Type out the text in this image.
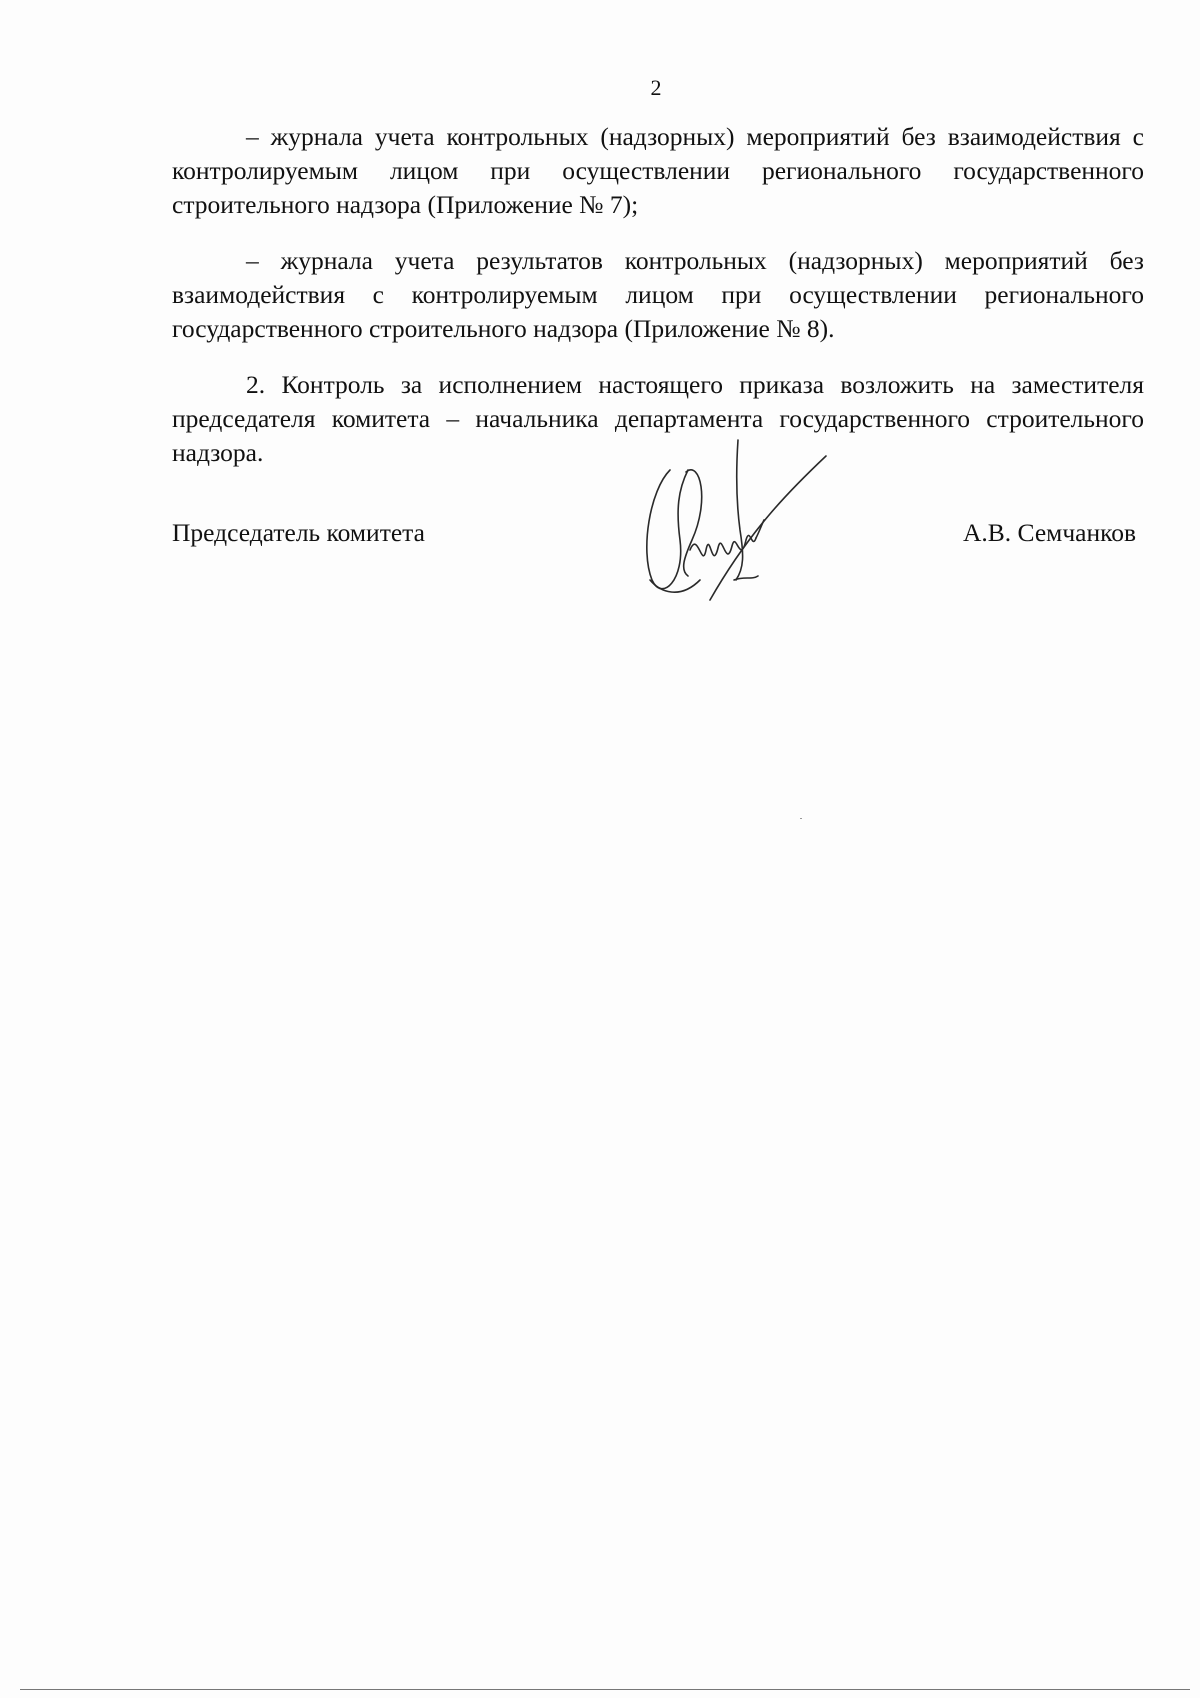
2

– журнала учета контрольных (надзорных) мероприятий без взаимодействия с контролируемым лицом при осуществлении регионального государственного строительного надзора (Приложение № 7);

– журнала учета результатов контрольных (надзорных) мероприятий без взаимодействия с контролируемым лицом при осуществлении регионального государственного строительного надзора (Приложение № 8).

2. Контроль за исполнением настоящего приказа возложить на заместителя председателя комитета – начальника департамента государственного строительного надзора.

Председатель комитета	А.В. Семчанков
